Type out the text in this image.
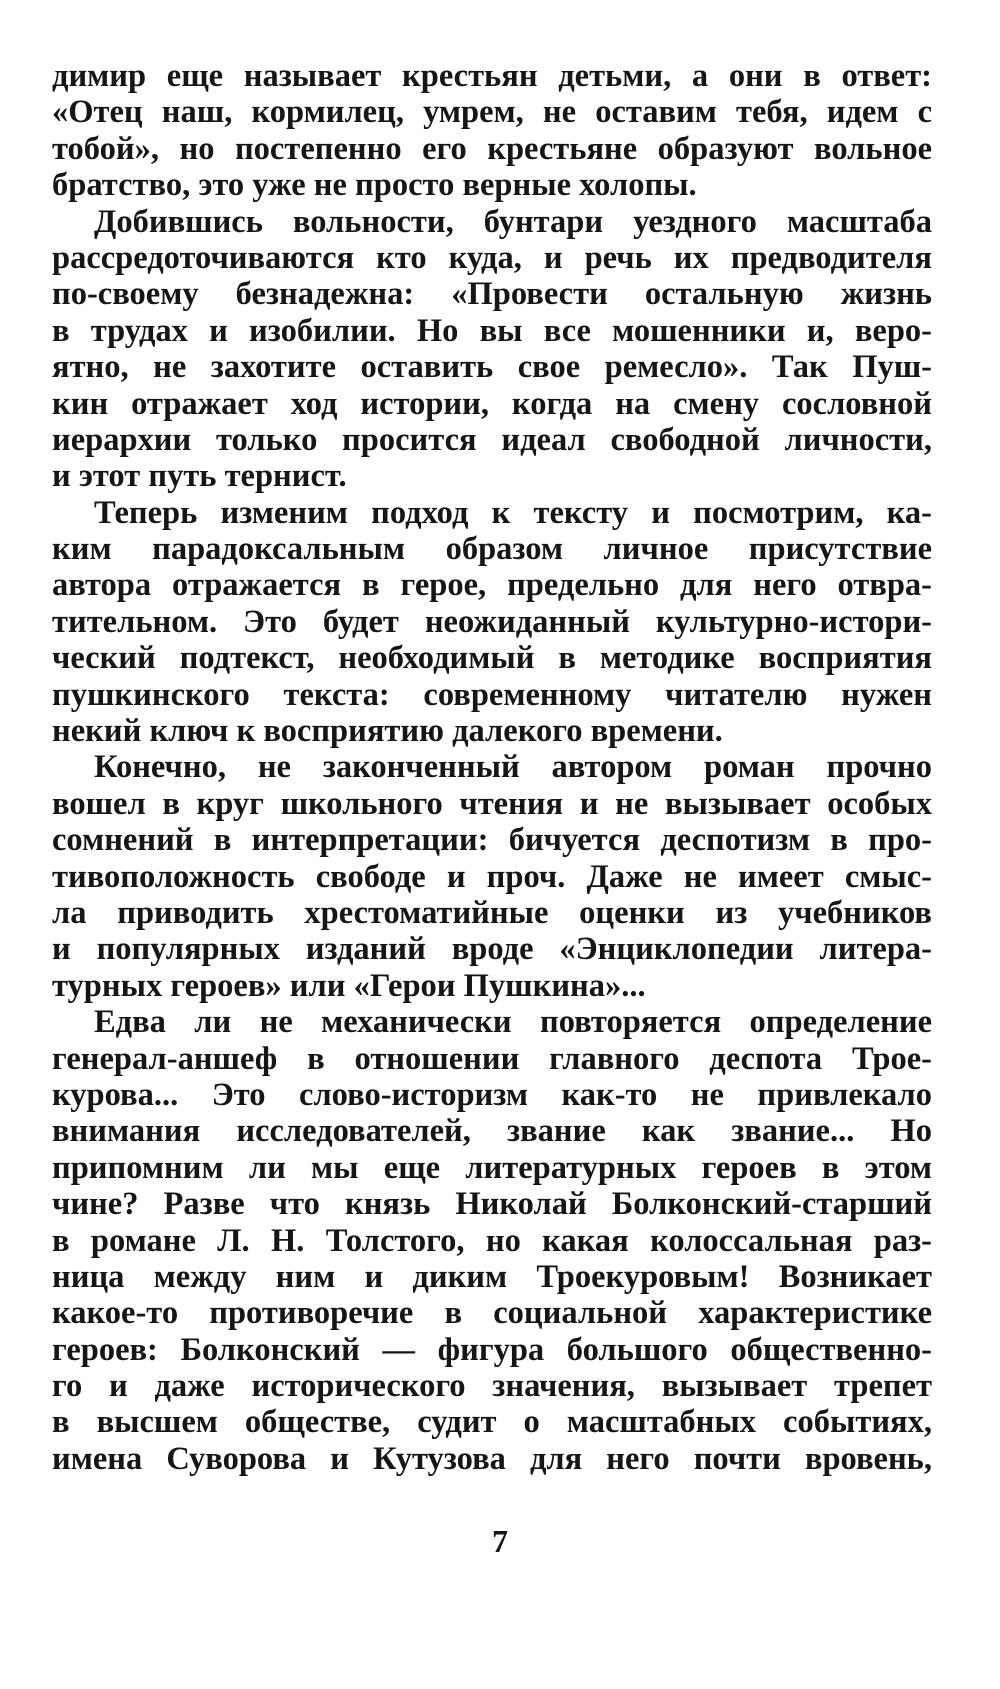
димир еще называет крестьян детьми, а они в ответ:
«Отец наш, кормилец, умрем, не оставим тебя, идем с
тобой», но постепенно его крестьяне образуют вольное
братство, это уже не просто верные холопы.
Добившись вольности, бунтари уездного масштаба
рассредоточиваются кто куда, и речь их предводителя
по-своему безнадежна: «Провести остальную жизнь
в трудах и изобилии. Но вы все мошенники и, веро-
ятно, не захотите оставить свое ремесло». Так Пуш-
кин отражает ход истории, когда на смену сословной
иерархии только просится идеал свободной личности,
и этот путь тернист.
Теперь изменим подход к тексту и посмотрим, ка-
ким парадоксальным образом личное присутствие
автора отражается в герое, предельно для него отвра-
тительном. Это будет неожиданный культурно-истори-
ческий подтекст, необходимый в методике восприятия
пушкинского текста: современному читателю нужен
некий ключ к восприятию далекого времени.
Конечно, не законченный автором роман прочно
вошел в круг школьного чтения и не вызывает особых
сомнений в интерпретации: бичуется деспотизм в про-
тивоположность свободе и проч. Даже не имеет смыс-
ла приводить хрестоматийные оценки из учебников
и популярных изданий вроде «Энциклопедии литера-
турных героев» или «Герои Пушкина»...
Едва ли не механически повторяется определение
генерал-аншеф в отношении главного деспота Трое-
курова... Это слово-историзм как-то не привлекало
внимания исследователей, звание как звание... Но
припомним ли мы еще литературных героев в этом
чине? Разве что князь Николай Болконский-старший
в романе Л. Н. Толстого, но какая колоссальная раз-
ница между ним и диким Троекуровым! Возникает
какое-то противоречие в социальной характеристике
героев: Болконский — фигура большого общественно-
го и даже исторического значения, вызывает трепет
в высшем обществе, судит о масштабных событиях,
имена Суворова и Кутузова для него почти вровень,
7
